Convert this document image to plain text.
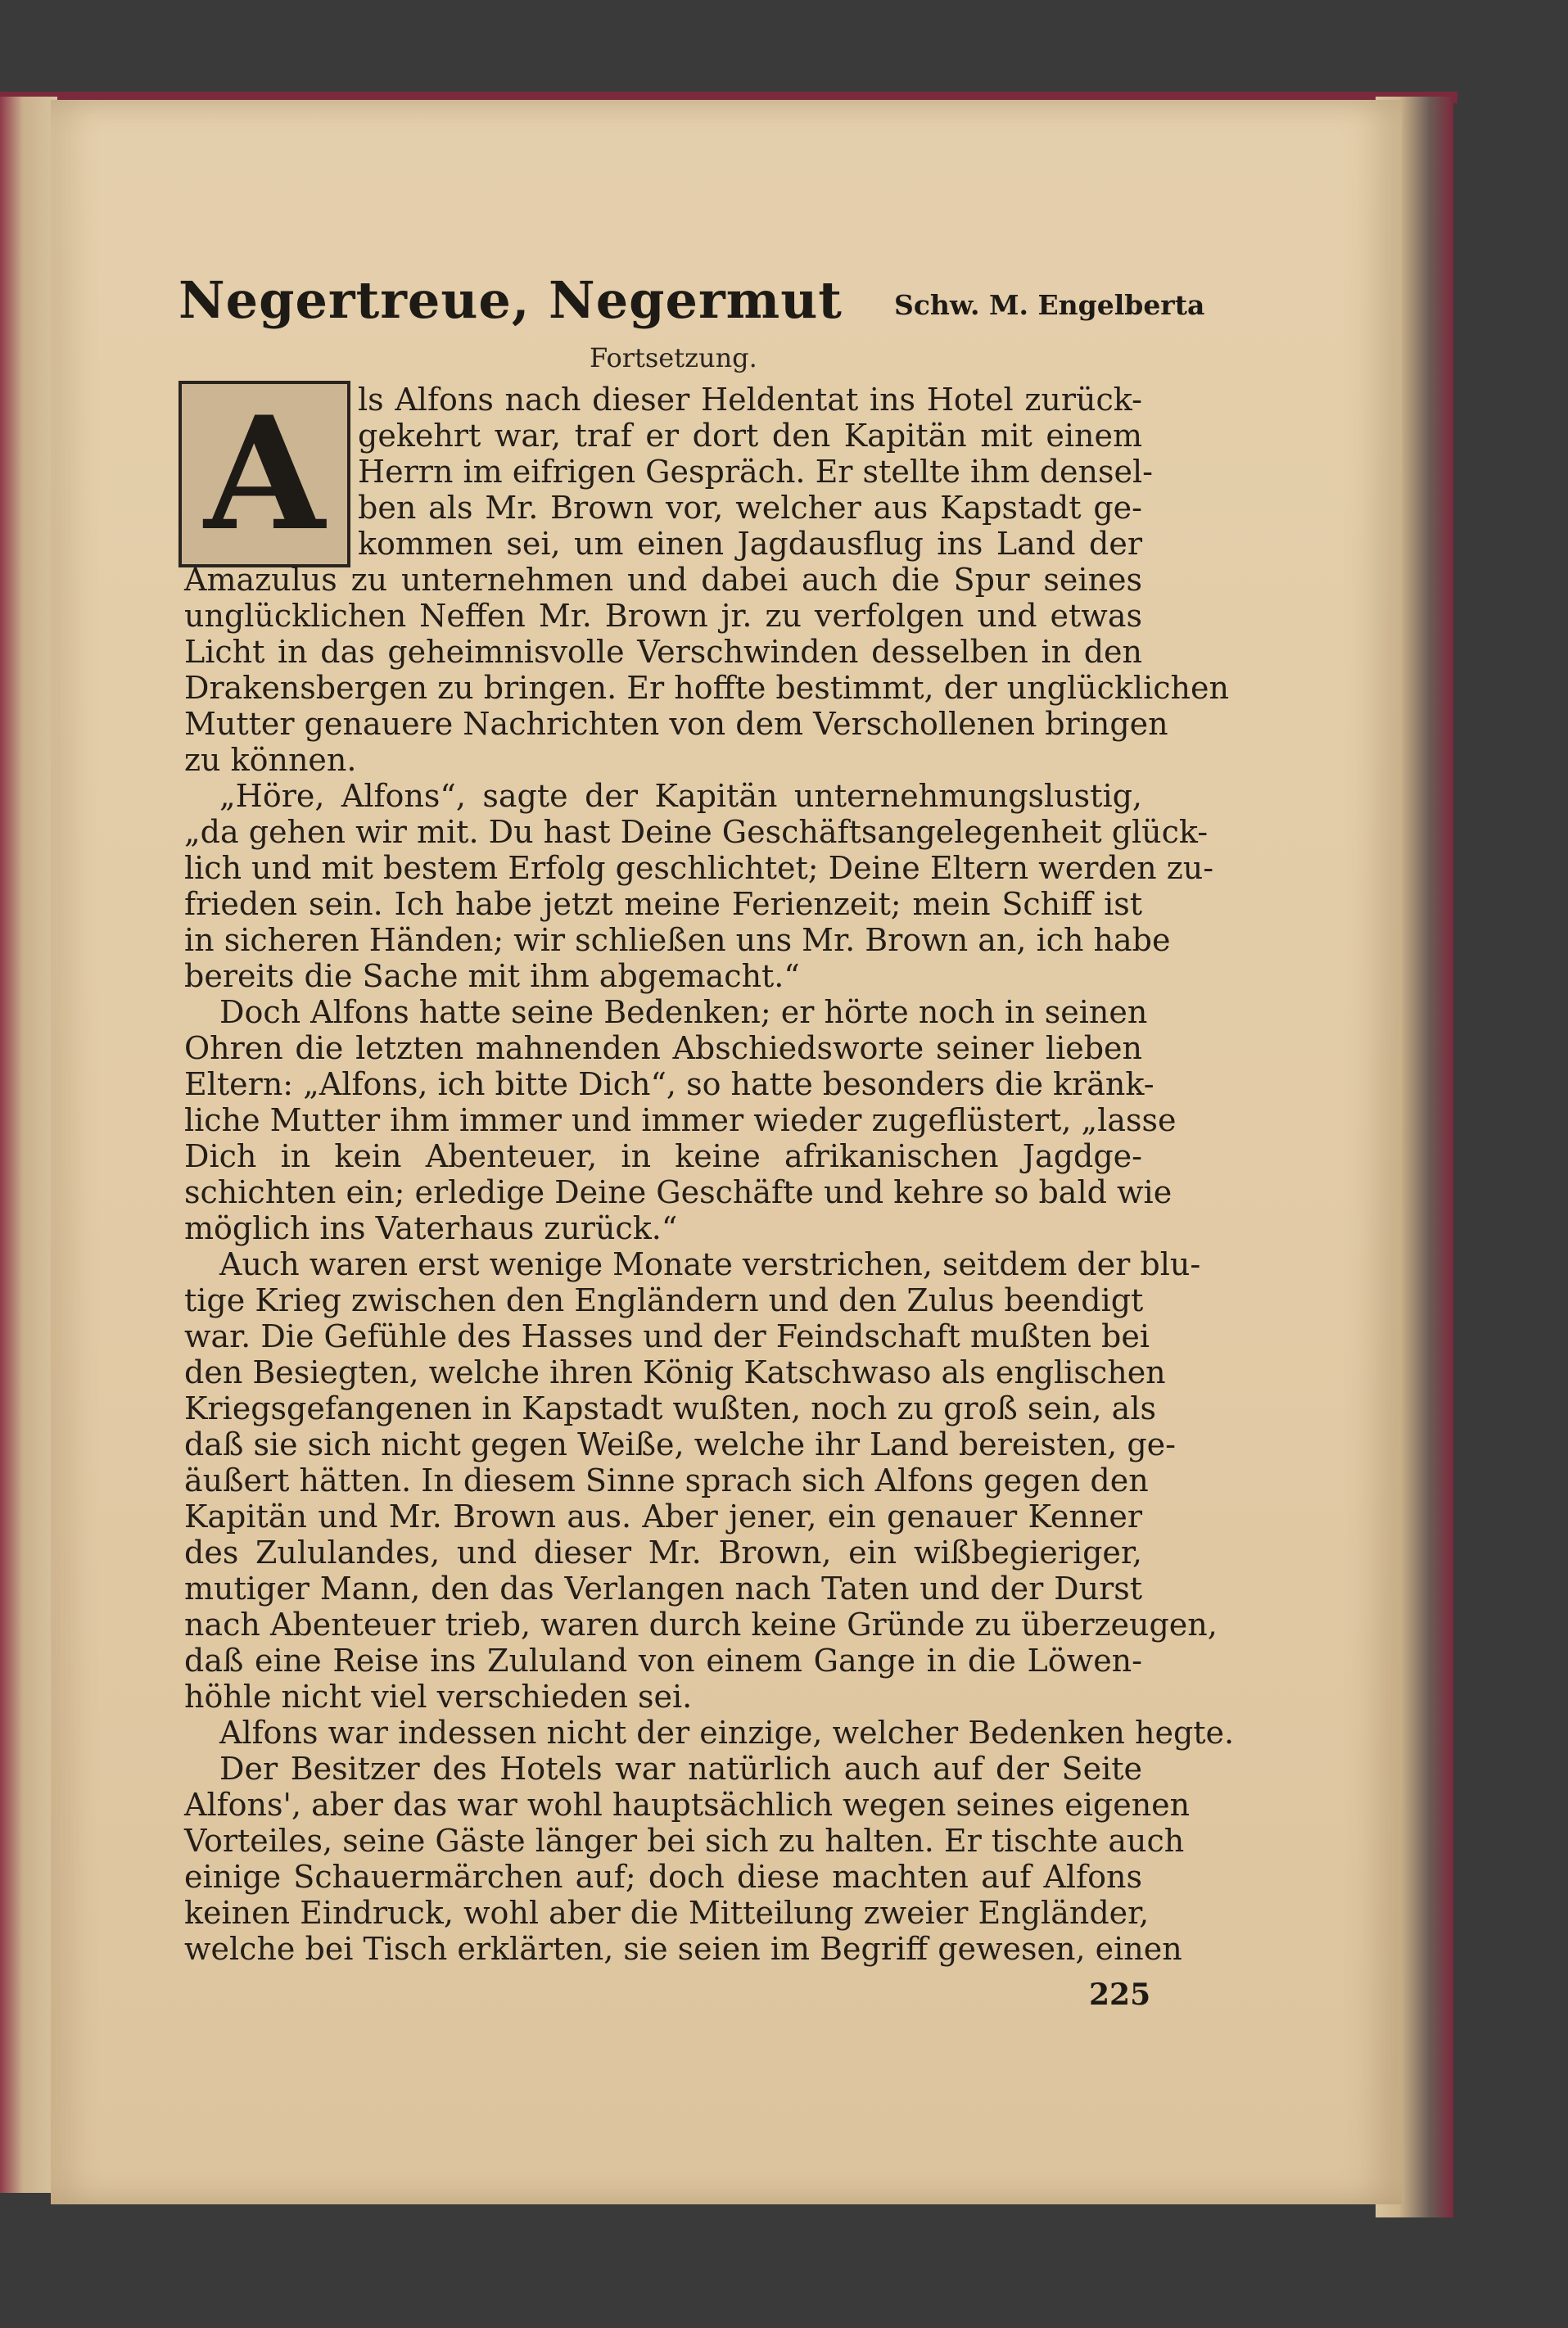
Negertreue, Negermut Schw. M. Engelberta
Fortsetzung.
A ls Alfons nach dieser Heldentat ins Hotel zurück-
gekehrt war, traf er dort den Kapitän mit einem
Herrn im eifrigen Gespräch. Er stellte ihm densel-
ben als Mr. Brown vor, welcher aus Kapstadt ge-
kommen sei, um einen Jagdausflug ins Land der
Amazulus zu unternehmen und dabei auch die Spur seines
unglücklichen Neffen Mr. Brown jr. zu verfolgen und etwas
Licht in das geheimnisvolle Verschwinden desselben in den
Drakensbergen zu bringen. Er hoffte bestimmt, der unglücklichen
Mutter genauere Nachrichten von dem Verschollenen bringen
zu können.
„Höre, Alfons“, sagte der Kapitän unternehmungslustig,
„da gehen wir mit. Du hast Deine Geschäftsangelegenheit glück-
lich und mit bestem Erfolg geschlichtet; Deine Eltern werden zu-
frieden sein. Ich habe jetzt meine Ferienzeit; mein Schiff ist
in sicheren Händen; wir schließen uns Mr. Brown an, ich habe
bereits die Sache mit ihm abgemacht.“
Doch Alfons hatte seine Bedenken; er hörte noch in seinen
Ohren die letzten mahnenden Abschiedsworte seiner lieben
Eltern: „Alfons, ich bitte Dich“, so hatte besonders die kränk-
liche Mutter ihm immer und immer wieder zugeflüstert, „lasse
Dich in kein Abenteuer, in keine afrikanischen Jagdge-
schichten ein; erledige Deine Geschäfte und kehre so bald wie
möglich ins Vaterhaus zurück.“
Auch waren erst wenige Monate verstrichen, seitdem der blu-
tige Krieg zwischen den Engländern und den Zulus beendigt
war. Die Gefühle des Hasses und der Feindschaft mußten bei
den Besiegten, welche ihren König Katschwaso als englischen
Kriegsgefangenen in Kapstadt wußten, noch zu groß sein, als
daß sie sich nicht gegen Weiße, welche ihr Land bereisten, ge-
äußert hätten. In diesem Sinne sprach sich Alfons gegen den
Kapitän und Mr. Brown aus. Aber jener, ein genauer Kenner
des Zululandes, und dieser Mr. Brown, ein wißbegieriger,
mutiger Mann, den das Verlangen nach Taten und der Durst
nach Abenteuer trieb, waren durch keine Gründe zu überzeugen,
daß eine Reise ins Zululand von einem Gange in die Löwen-
höhle nicht viel verschieden sei.
Alfons war indessen nicht der einzige, welcher Bedenken hegte.
Der Besitzer des Hotels war natürlich auch auf der Seite
Alfons', aber das war wohl hauptsächlich wegen seines eigenen
Vorteiles, seine Gäste länger bei sich zu halten. Er tischte auch
einige Schauermärchen auf; doch diese machten auf Alfons
keinen Eindruck, wohl aber die Mitteilung zweier Engländer,
welche bei Tisch erklärten, sie seien im Begriff gewesen, einen
225
